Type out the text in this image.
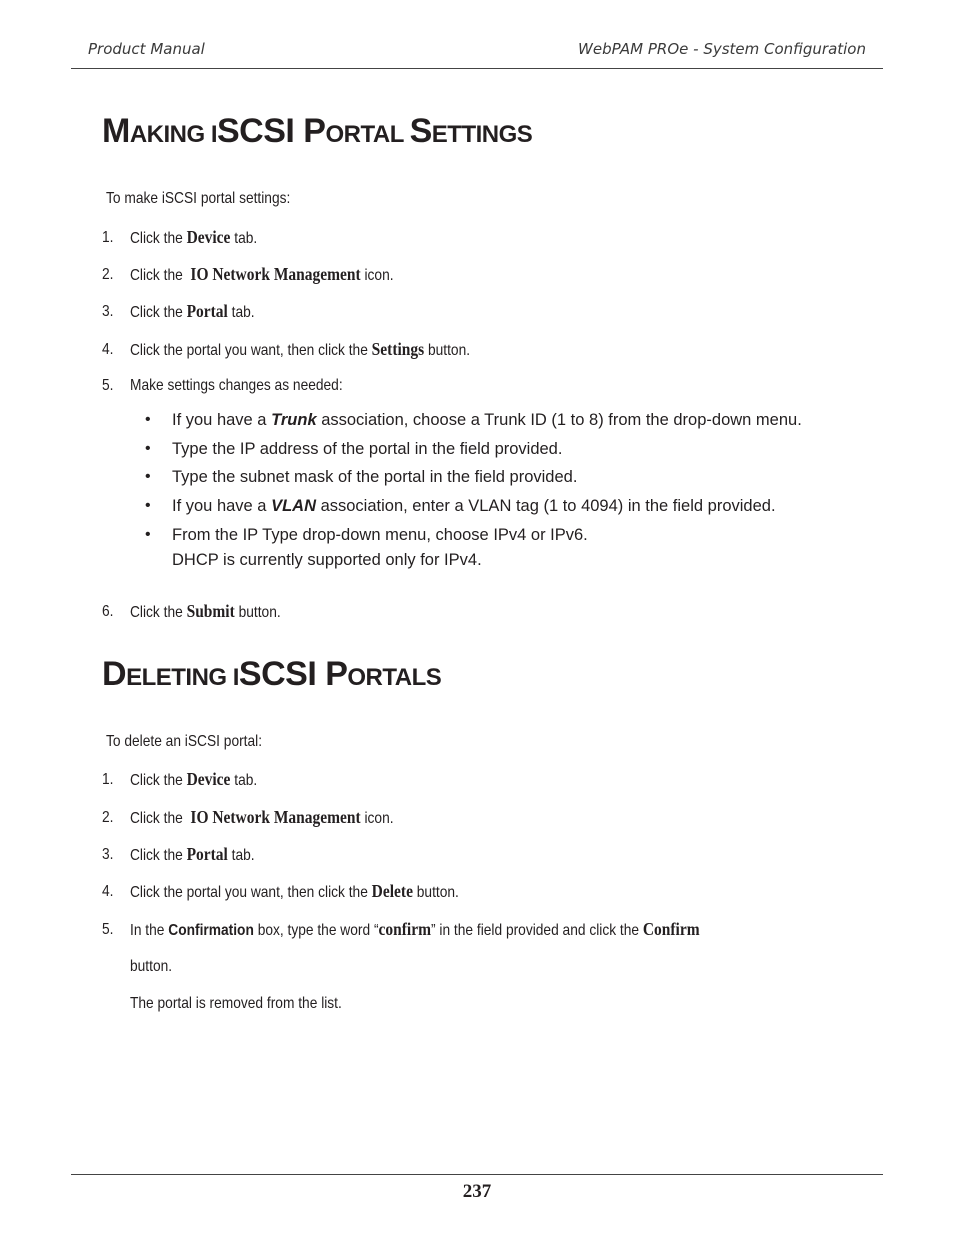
Product Manual	WebPAM PROe - System Configuration
MAKING ISCSI PORTAL SETTINGS
To make iSCSI portal settings:
1. Click the Device tab.
2. Click the  IO Network Management icon.
3. Click the Portal tab.
4. Click the portal you want, then click the Settings button.
5. Make settings changes as needed:
• If you have a Trunk association, choose a Trunk ID (1 to 8) from the drop-down menu.
• Type the IP address of the portal in the field provided.
• Type the subnet mask of the portal in the field provided.
• If you have a VLAN association, enter a VLAN tag (1 to 4094) in the field provided.
• From the IP Type drop-down menu, choose IPv4 or IPv6.
DHCP is currently supported only for IPv4.
6. Click the Submit button.
DELETING ISCSI PORTALS
To delete an iSCSI portal:
1. Click the Device tab.
2. Click the  IO Network Management icon.
3. Click the Portal tab.
4. Click the portal you want, then click the Delete button.
5. In the Confirmation box, type the word “confirm” in the field provided and click the Confirm
button.
The portal is removed from the list.
237
